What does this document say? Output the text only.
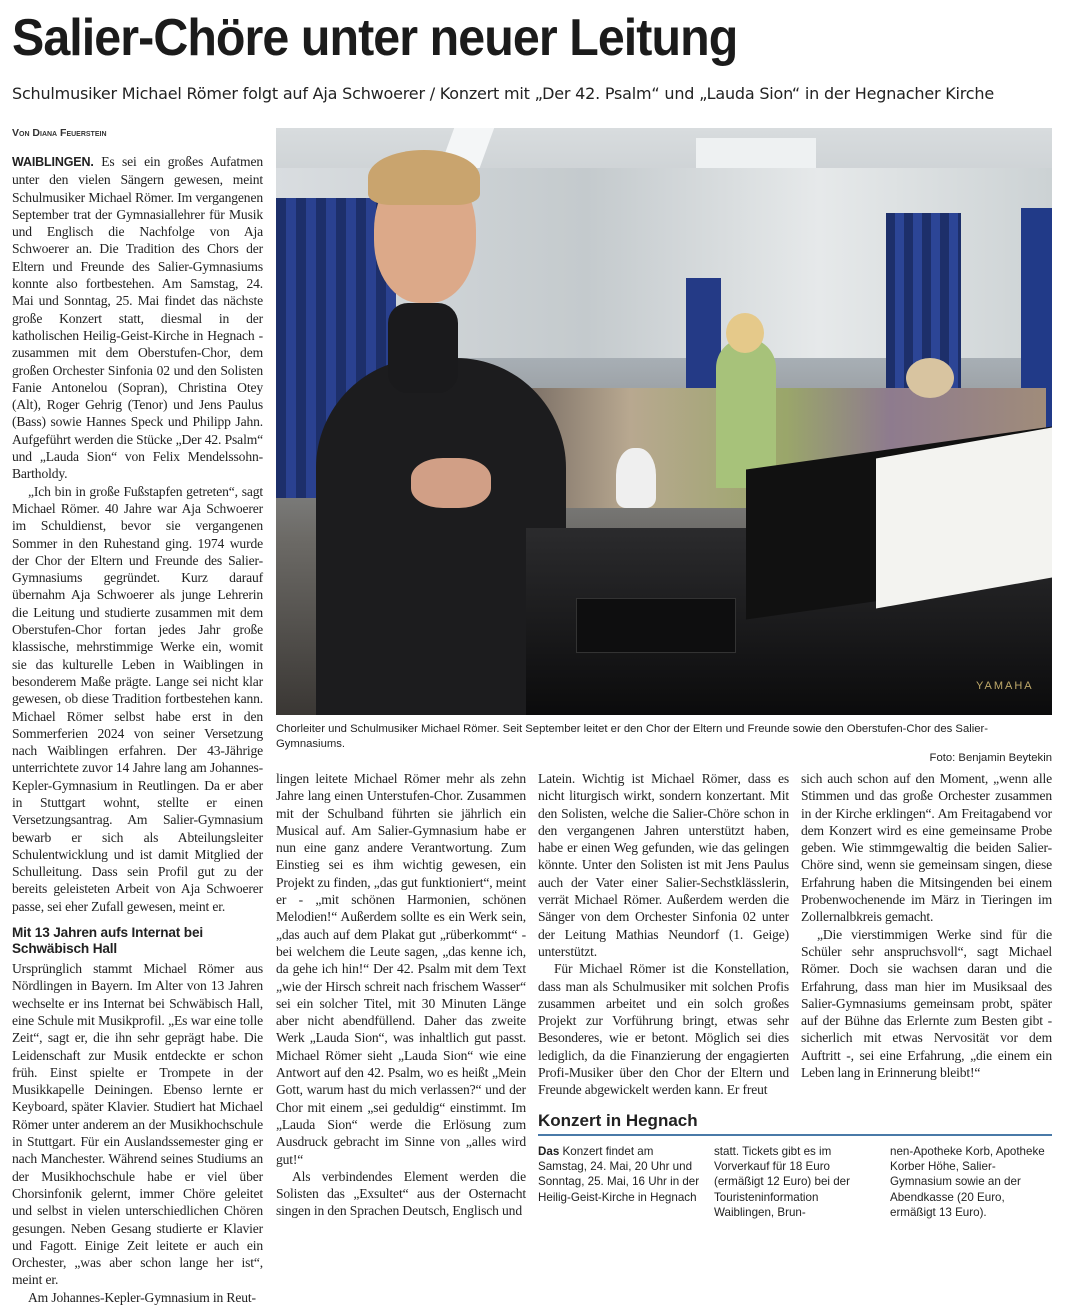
Salier-Chöre unter neuer Leitung
Schulmusiker Michael Römer folgt auf Aja Schwoerer / Konzert mit „Der 42. Psalm“ und „Lauda Sion“ in der Hegnacher Kirche
Von Diana Feuerstein

WAIBLINGEN. Es sei ein großes Aufatmen unter den vielen Sängern gewesen, meint Schulmusiker Michael Römer. Im vergangenen September trat der Gymnasiallehrer für Musik und Englisch die Nachfolge von Aja Schwoerer an. Die Tradition des Chors der Eltern und Freunde des Salier-Gymnasiums konnte also fortbestehen. Am Samstag, 24. Mai und Sonntag, 25. Mai findet das nächste große Konzert statt, diesmal in der katholischen Heilig-Geist-Kirche in Hegnach - zusammen mit dem Oberstufen-Chor, dem großen Orchester Sinfonia 02 und den Solisten Fanie Antonelou (Sopran), Christina Otey (Alt), Roger Gehrig (Tenor) und Jens Paulus (Bass) sowie Hannes Speck und Philipp Jahn. Aufgeführt werden die Stücke „Der 42. Psalm“ und „Lauda Sion“ von Felix Mendelssohn-Bartholdy.

„Ich bin in große Fußstapfen getreten“, sagt Michael Römer. 40 Jahre war Aja Schwoerer im Schuldienst, bevor sie vergangenen Sommer in den Ruhestand ging. 1974 wurde der Chor der Eltern und Freunde des Salier-Gymnasiums gegründet. Kurz darauf übernahm Aja Schwoerer als junge Lehrerin die Leitung und studierte zusammen mit dem Oberstufen-Chor fortan jedes Jahr große klassische, mehrstimmige Werke ein, womit sie das kulturelle Leben in Waiblingen in besonderem Maße prägte. Lange sei nicht klar gewesen, ob diese Tradition fortbestehen kann. Michael Römer selbst habe erst in den Sommerferien 2024 von seiner Versetzung nach Waiblingen erfahren. Der 43-Jährige unterrichtete zuvor 14 Jahre lang am Johannes-Kepler-Gymnasium in Reutlingen. Da er aber in Stuttgart wohnt, stellte er einen Versetzungsantrag. Am Salier-Gymnasium bewarb er sich als Abteilungsleiter Schulentwicklung und ist damit Mitglied der Schulleitung. Dass sein Profil gut zu der bereits geleisteten Arbeit von Aja Schwoerer passe, sei eher Zufall gewesen, meint er.

Mit 13 Jahren aufs Internat bei Schwäbisch Hall

Ursprünglich stammt Michael Römer aus Nördlingen in Bayern. Im Alter von 13 Jahren wechselte er ins Internat bei Schwäbisch Hall, eine Schule mit Musikprofil. „Es war eine tolle Zeit“, sagt er, die ihn sehr geprägt habe. Die Leidenschaft zur Musik entdeckte er schon früh. Einst spielte er Trompete in der Musikkapelle Deiningen. Ebenso lernte er Keyboard, später Klavier. Studiert hat Michael Römer unter anderem an der Musikhochschule in Stuttgart. Für ein Auslandssemester ging er nach Manchester. Während seines Studiums an der Musikhochschule habe er viel über Chorsinfonik gelernt, immer Chöre geleitet und selbst in vielen unterschiedlichen Chören gesungen. Neben Gesang studierte er Klavier und Fagott. Einige Zeit leitete er auch ein Orchester, „was aber schon lange her ist“, meint er.

Am Johannes-Kepler-Gymnasium in Reut-

YAMAHA
Chorleiter und Schulmusiker Michael Römer. Seit September leitet er den Chor der Eltern und Freunde sowie den Oberstufen-Chor des Salier-Gymnasiums.
Foto: Benjamin Beytekin

lingen leitete Michael Römer mehr als zehn Jahre lang einen Unterstufen-Chor. Zusammen mit der Schulband führten sie jährlich ein Musical auf. Am Salier-Gymnasium habe er nun eine ganz andere Verantwortung. Zum Einstieg sei es ihm wichtig gewesen, ein Projekt zu finden, „das gut funktioniert“, meint er - „mit schönen Harmonien, schönen Melodien!“ Außerdem sollte es ein Werk sein, „das auch auf dem Plakat gut „rüberkommt“ - bei welchem die Leute sagen, „das kenne ich, da gehe ich hin!“ Der 42. Psalm mit dem Text „wie der Hirsch schreit nach frischem Wasser“ sei ein solcher Titel, mit 30 Minuten Länge aber nicht abendfüllend. Daher das zweite Werk „Lauda Sion“, was inhaltlich gut passt. Michael Römer sieht „Lauda Sion“ wie eine Antwort auf den 42. Psalm, wo es heißt „Mein Gott, warum hast du mich verlassen?“ und der Chor mit einem „sei geduldig“ einstimmt. Im „Lauda Sion“ werde die Erlösung zum Ausdruck gebracht im Sinne von „alles wird gut!“

Als verbindendes Element werden die Solisten das „Exsultet“ aus der Osternacht singen in den Sprachen Deutsch, Englisch und

Latein. Wichtig ist Michael Römer, dass es nicht liturgisch wirkt, sondern konzertant. Mit den Solisten, welche die Salier-Chöre schon in den vergangenen Jahren unterstützt haben, habe er einen Weg gefunden, wie das gelingen könnte. Unter den Solisten ist mit Jens Paulus auch der Vater einer Salier-Sechstklässlerin, verrät Michael Römer. Außerdem werden die Sänger von dem Orchester Sinfonia 02 unter der Leitung Mathias Neundorf (1. Geige) unterstützt.

Für Michael Römer ist die Konstellation, dass man als Schulmusiker mit solchen Profis zusammen arbeitet und ein solch großes Projekt zur Vorführung bringt, etwas sehr Besonderes, wie er betont. Möglich sei dies lediglich, da die Finanzierung der engagierten Profi-Musiker über den Chor der Eltern und Freunde abgewickelt werden kann. Er freut

sich auch schon auf den Moment, „wenn alle Stimmen und das große Orchester zusammen in der Kirche erklingen“. Am Freitagabend vor dem Konzert wird es eine gemeinsame Probe geben. Wie stimmgewaltig die beiden Salier-Chöre sind, wenn sie gemeinsam singen, diese Erfahrung haben die Mitsingenden bei einem Probenwochenende im März in Tieringen im Zollernalbkreis gemacht.

„Die vierstimmigen Werke sind für die Schüler sehr anspruchsvoll“, sagt Michael Römer. Doch sie wachsen daran und die Erfahrung, dass man hier im Musiksaal des Salier-Gymnasiums gemeinsam probt, später auf der Bühne das Erlernte zum Besten gibt - sicherlich mit etwas Nervosität vor dem Auftritt -, sei eine Erfahrung, „die einem ein Leben lang in Erinnerung bleibt!“

Konzert in Hegnach
Das Konzert findet am Samstag, 24. Mai, 20 Uhr und Sonntag, 25. Mai, 16 Uhr in der Heilig-Geist-Kirche in Hegnach
statt. Tickets gibt es im Vorverkauf für 18 Euro (ermäßigt 12 Euro) bei der Touristeninformation Waiblingen, Brun-
nen-Apotheke Korb, Apotheke Korber Höhe, Salier-Gymnasium sowie an der Abendkasse (20 Euro, ermäßigt 13 Euro).
